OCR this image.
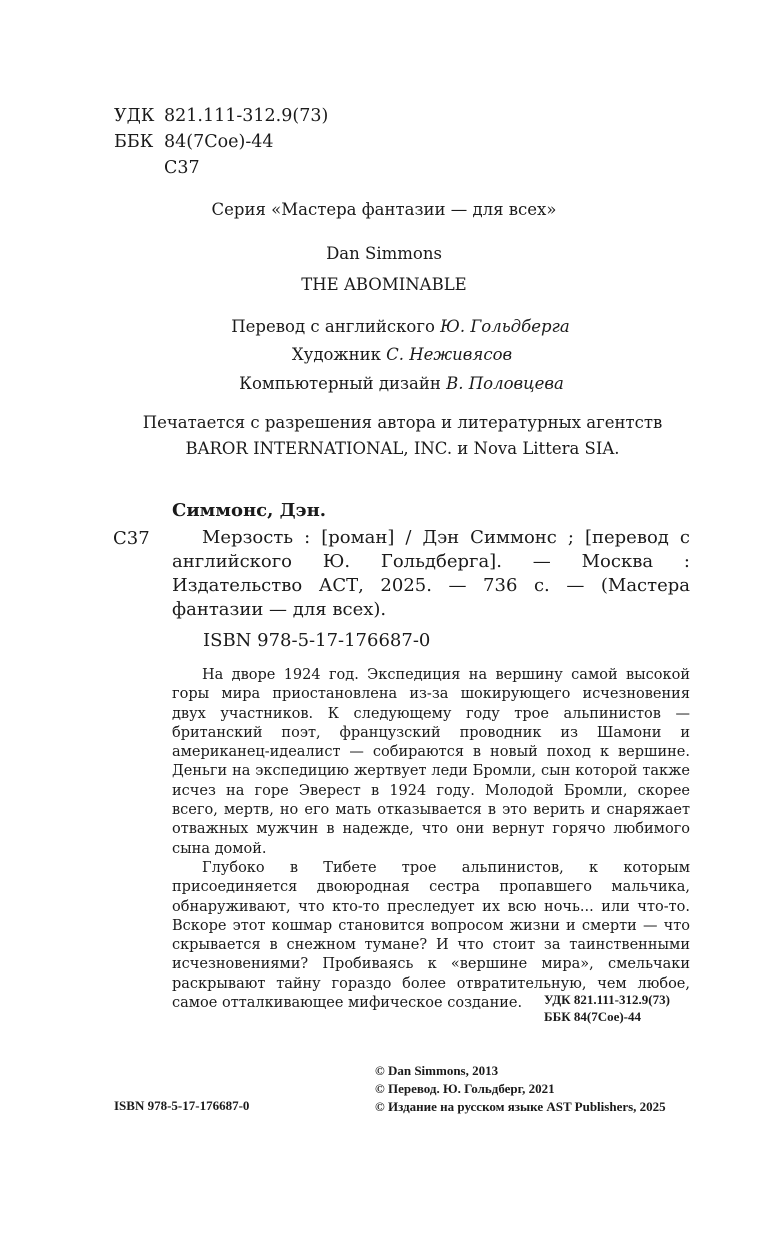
УДК 821.111-312.9(73)
ББК 84(7Сое)-44
С37
Серия «Мастера фантазии — для всех»
Dan Simmons
THE ABOMINABLE
Перевод с английского Ю. Гольдберга
Художник С. Неживясов
Компьютерный дизайн В. Половцева
Печатается с разрешения автора и литературных агентств
BAROR INTERNATIONAL, INC. и Nova Littera SIA.
Симмонс, Дэн.
С37	Мерзость : [роман] / Дэн Симмонс ; [перевод с английского Ю. Гольдберга]. — Москва : Издательство АСТ, 2025. — 736 с. — (Мастера фантазии — для всех).
ISBN 978-5-17-176687-0

На дворе 1924 год. Экспедиция на вершину самой высокой горы мира приостановлена из-за шокирующего исчезновения двух участников. К следующему году трое альпинистов — британский поэт, французский проводник из Шамони и американец-идеалист — собираются в новый поход к вершине. Деньги на экспедицию жертвует леди Бромли, сын которой также исчез на горе Эверест в 1924 году. Молодой Бромли, скорее всего, мертв, но его мать отказывается в это верить и снаряжает отважных мужчин в надежде, что они вернут горячо любимого сына домой.

Глубоко в Тибете трое альпинистов, к которым присоединяется двоюродная сестра пропавшего мальчика, обнаруживают, что кто-то преследует их всю ночь... или что-то. Вскоре этот кошмар становится вопросом жизни и смерти — что скрывается в снежном тумане? И что стоит за таинственными исчезновениями? Пробиваясь к «вершине мира», смельчаки раскрывают тайну гораздо более отвратительную, чем любое, самое отталкивающее мифическое создание.	УДК 821.111-312.9(73)
ББК 84(7Сое)-44
© Dan Simmons, 2013
© Перевод. Ю. Гольдберг, 2021
© Издание на русском языке AST Publishers, 2025
ISBN 978-5-17-176687-0
